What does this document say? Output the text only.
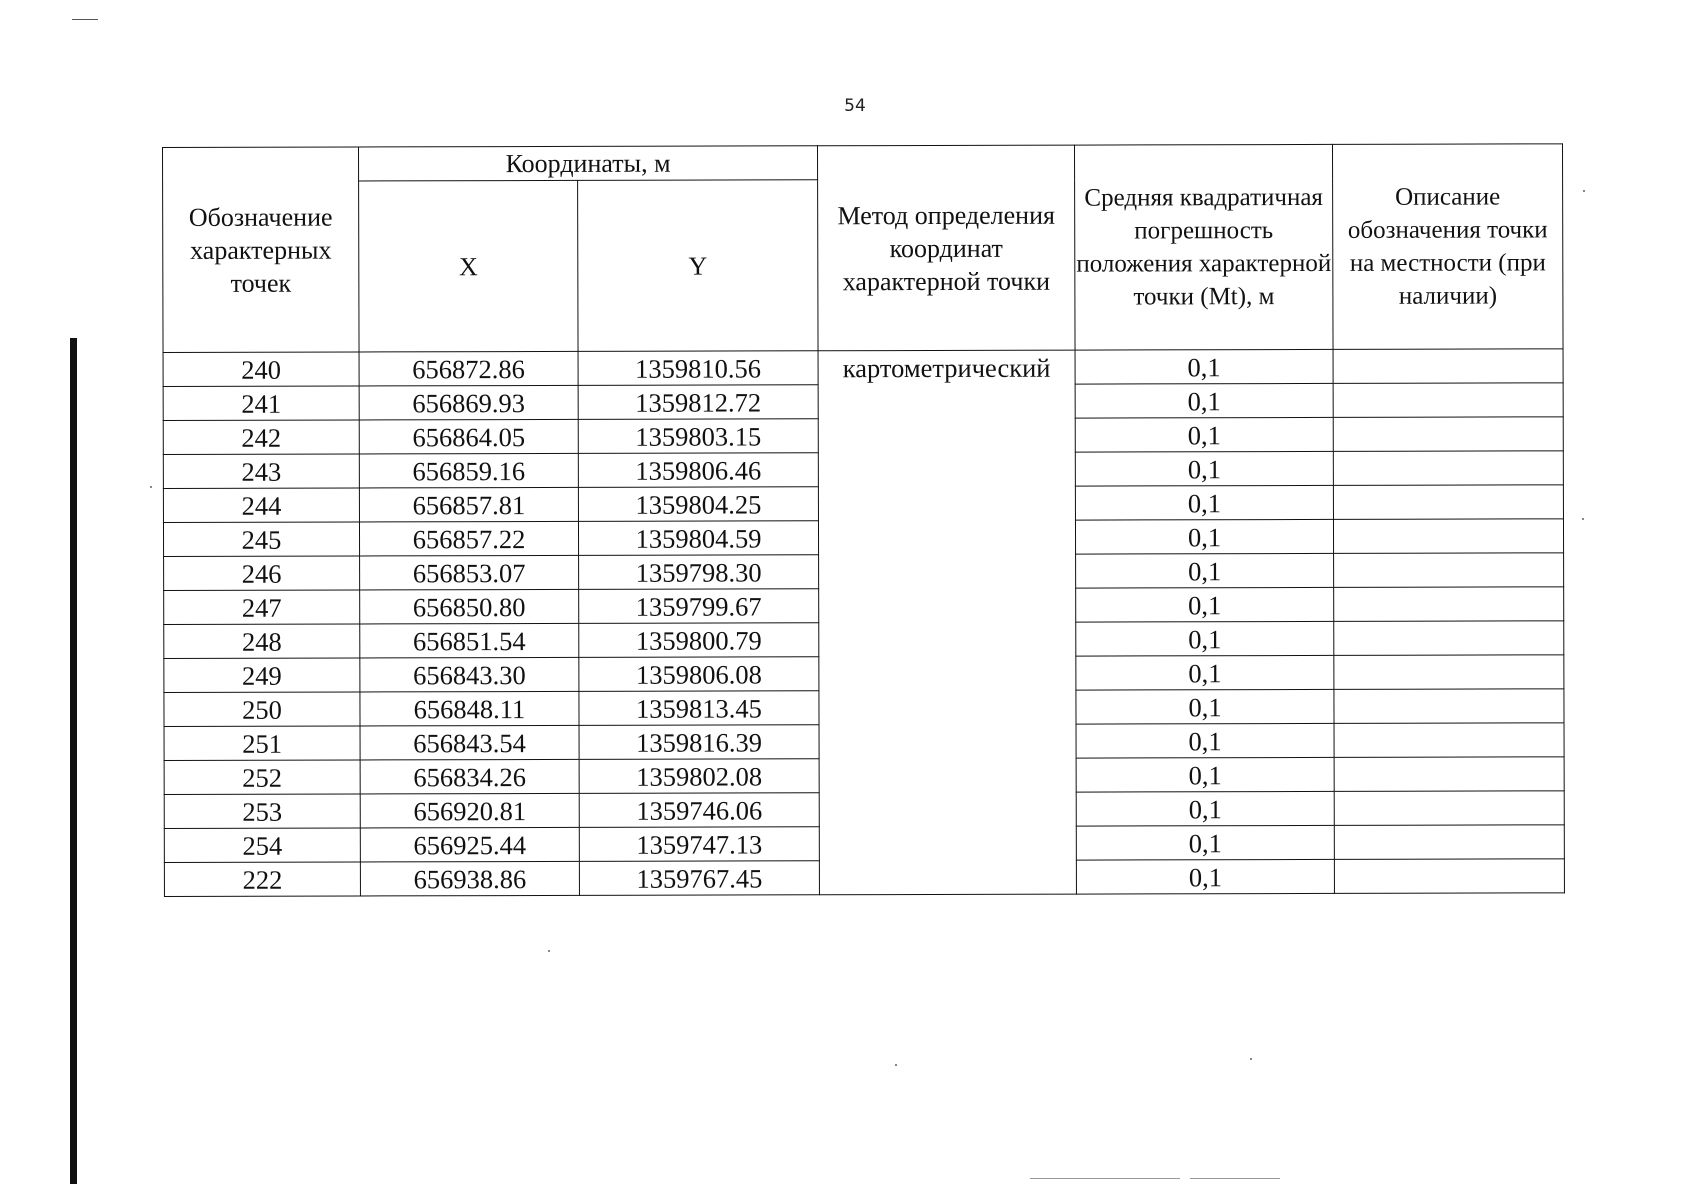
54
Обозначение характерных точек	Координаты, м		Метод определения координат характерной точки	Средняя квадратичная погрешность положения характерной точки (Mt), м	Описание обозначения точки на местности (при наличии)
	X	Y			
240	656872.86	1359810.56	картометрический	0,1	
241	656869.93	1359812.72		0,1	
242	656864.05	1359803.15		0,1	
243	656859.16	1359806.46		0,1	
244	656857.81	1359804.25		0,1	
245	656857.22	1359804.59		0,1	
246	656853.07	1359798.30		0,1	
247	656850.80	1359799.67		0,1	
248	656851.54	1359800.79		0,1	
249	656843.30	1359806.08		0,1	
250	656848.11	1359813.45		0,1	
251	656843.54	1359816.39		0,1	
252	656834.26	1359802.08		0,1	
253	656920.81	1359746.06		0,1	
254	656925.44	1359747.13		0,1	
222	656938.86	1359767.45		0,1	
